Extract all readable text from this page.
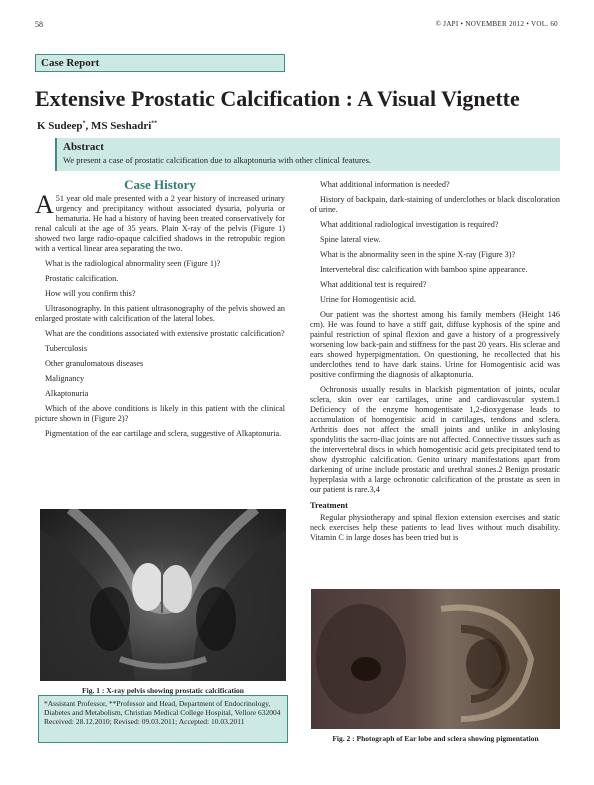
58	© JAPI • NOVEMBER 2012 • VOL. 60
Case Report
Extensive Prostatic Calcification : A Visual Vignette
K Sudeep*, MS Seshadri**
Abstract
We present a case of prostatic calcification due to alkaptonuria with other clinical features.
Case History

A 51 year old male presented with a 2 year history of increased urinary urgency and precipitancy without associated dysuria, polyuria or hematuria. He had a history of having been treated conservatively for renal calculi at the age of 35 years. Plain X-ray of the pelvis (Figure 1) showed two large radio-opaque calcified shadows in the retropubic region with a vertical linear area separating the two.

What is the radiological abnormality seen (Figure 1)?

Prostatic calcification.

How will you confirm this?

Ultrasonography. In this patient ultrasonography of the pelvis showed an enlarged prostate with calcification of the lateral lobes.

What are the conditions associated with extensive prostatic calcification?

Tuberculosis

Other granulomatous diseases

Malignancy

Alkaptonuria

Which of the above conditions is likely in this patient with the clinical picture shown in (Figure 2)?

Pigmentation of the ear cartilage and sclera, suggestive of Alkaptonuria.

What additional information is needed?

History of backpain, dark-staining of underclothes or black discoloration of urine.

What additional radiological investigation is required?

Spine lateral view.

What is the abnormality seen in the spine X-ray (Figure 3)?

Intervertebral disc calcification with bamboo spine appearance.

What additional test is required?

Urine for Homogentisic acid.

Our patient was the shortest among his family members (Height 146 cm). He was found to have a stiff gait, diffuse kyphosis of the spine and painful restriction of spinal flexion and gave a history of a progressively worsening low back-pain and stiffness for the past 20 years. His sclerae and ears showed hyperpigmentation. On questioning, he recollected that his underclothes tend to have dark stains. Urine for Homogentisic acid was positive confirming the diagnosis of alkaptonuria.

Ochronosis usually results in blackish pigmentation of joints, ocular sclera, skin over ear cartilages, urine and cardiovascular system.1 Deficiency of the enzyme homogentisate 1,2-dioxygenase leads to accumulation of homogentisic acid in cartilages, tendons and sclera. Arthritis does not affect the small joints and unlike in ankylosing spondylitis the sacro-iliac joints are not affected. Connective tissues such as the intervertebral discs in which homogentisic acid gets precipitated tend to show dystrophic calcification. Genito urinary manifestations apart from darkening of urine include prostatic and urethral stones.2 Benign prostatic hyperplasia with a large ochronotic calcification of the prostate as seen in our patient is rare.3,4

Treatment

Regular physiotherapy and spinal flexion extension exercises and static neck exercises help these patients to lead lives without much disability. Vitamin C in large doses has been tried but is

Fig. 1 : X-ray pelvis showing prostatic calcification
*Assistant Professor, **Professor and Head, Department of Endocrinology, Diabetes and Metabolism, Christian Medical College Hospital, Vellore 632004
Received: 28.12.2010; Revised: 09.03.2011; Accepted: 10.03.2011
Fig. 2 : Photograph of Ear lobe and sclera showing pigmentation
